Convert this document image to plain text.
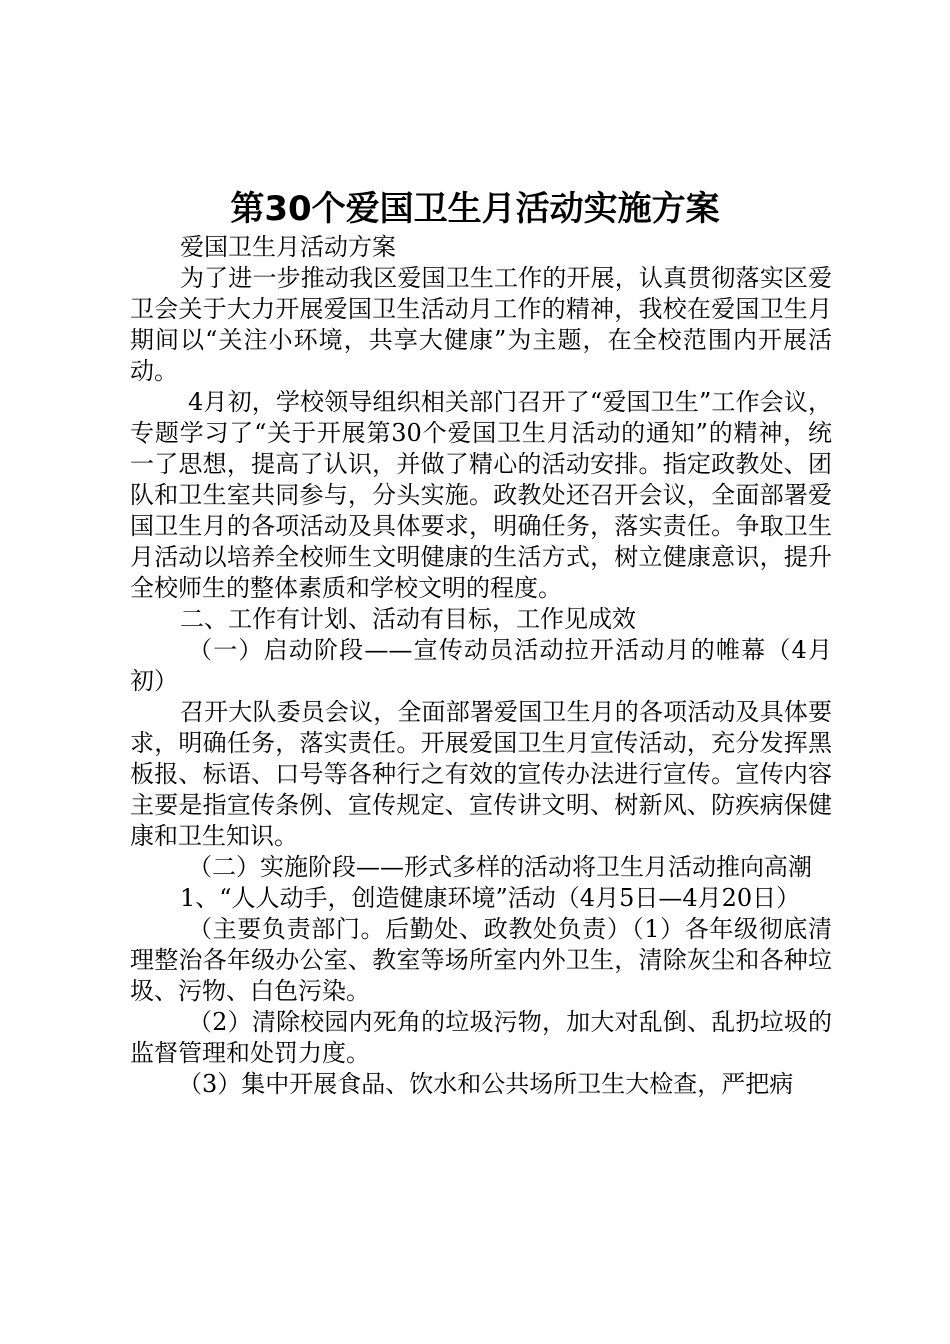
第30个爱国卫生月活动实施方案

爱国卫生月活动方案

为了进一步推动我区爱国卫生工作的开展，认真贯彻落实区爱卫会关于大力开展爱国卫生活动月工作的精神，我校在爱国卫生月期间以“关注小环境，共享大健康”为主题，在全校范围内开展活动。

4月初，学校领导组织相关部门召开了“爱国卫生”工作会议，专题学习了“关于开展第30个爱国卫生月活动的通知”的精神，统一了思想，提高了认识，并做了精心的活动安排。指定政教处、团队和卫生室共同参与，分头实施。政教处还召开会议，全面部署爱国卫生月的各项活动及具体要求，明确任务，落实责任。争取卫生月活动以培养全校师生文明健康的生活方式，树立健康意识，提升全校师生的整体素质和学校文明的程度。

二、工作有计划、活动有目标，工作见成效

（一）启动阶段——宣传动员活动拉开活动月的帷幕（4月初）

召开大队委员会议，全面部署爱国卫生月的各项活动及具体要求，明确任务，落实责任。开展爱国卫生月宣传活动，充分发挥黑板报、标语、口号等各种行之有效的宣传办法进行宣传。宣传内容主要是指宣传条例、宣传规定、宣传讲文明、树新风、防疾病保健康和卫生知识。

（二）实施阶段——形式多样的活动将卫生月活动推向高潮

1、“人人动手，创造健康环境”活动（4月5日—4月20日）

（主要负责部门。后勤处、政教处负责）（1）各年级彻底清理整治各年级办公室、教室等场所室内外卫生，清除灰尘和各种垃圾、污物、白色污染。

（2）清除校园内死角的垃圾污物，加大对乱倒、乱扔垃圾的监督管理和处罚力度。

（3）集中开展食品、饮水和公共场所卫生大检查，严把病
